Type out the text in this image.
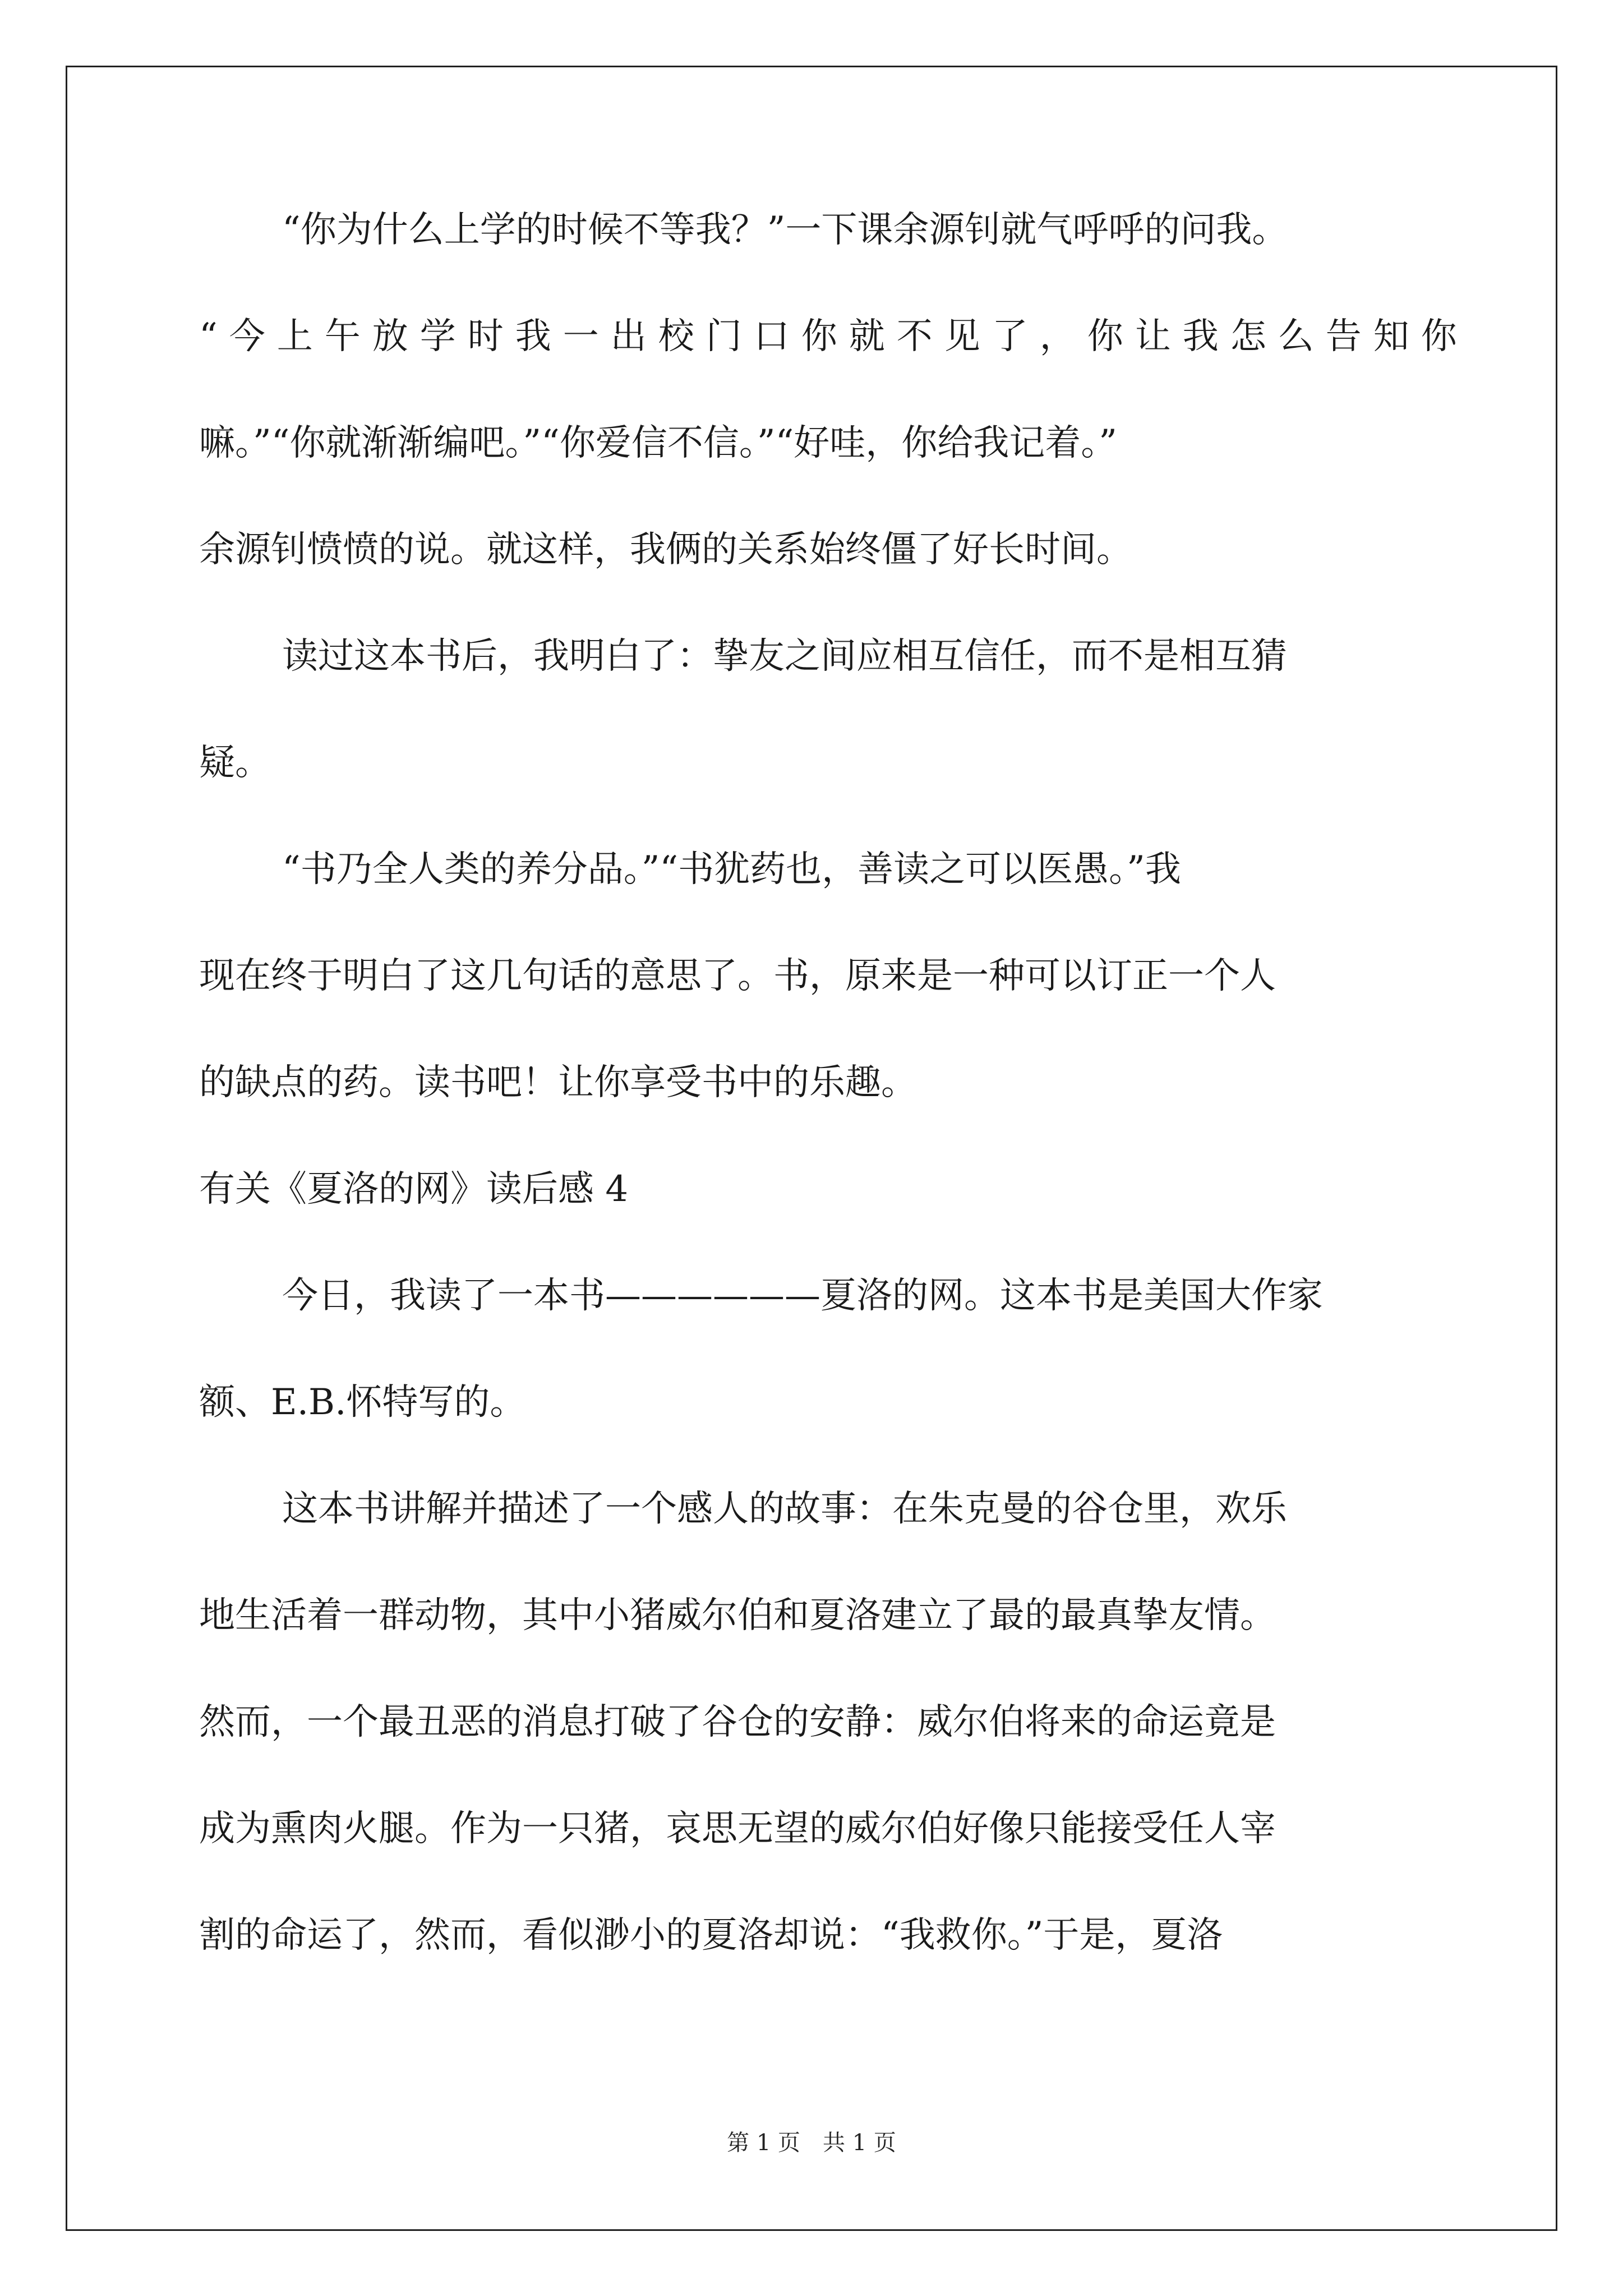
“你为什么上学的时候不等我？”一下课余源钊就气呼呼的问我。
“今上午放学时我一出校门口你就不见了，你让我怎么告知你
嘛。”“你就渐渐编吧。”“你爱信不信。”“好哇，你给我记着。”
余源钊愤愤的说。就这样，我俩的关系始终僵了好长时间。
读过这本书后，我明白了：挚友之间应相互信任，而不是相互猜
疑。
“书乃全人类的养分品。”“书犹药也，善读之可以医愚。”我
现在终于明白了这几句话的意思了。书，原来是一种可以订正一个人
的缺点的药。读书吧！让你享受书中的乐趣。
有关《夏洛的网》读后感 4
今日，我读了一本书——————夏洛的网。这本书是美国大作家
额、E.B.怀特写的。
这本书讲解并描述了一个感人的故事：在朱克曼的谷仓里，欢乐
地生活着一群动物，其中小猪威尔伯和夏洛建立了最的最真挚友情。
然而，一个最丑恶的消息打破了谷仓的安静：威尔伯将来的命运竟是
成为熏肉火腿。作为一只猪，哀思无望的威尔伯好像只能接受任人宰
割的命运了，然而，看似渺小的夏洛却说：“我救你。”于是，夏洛
第 1 页　共 1 页
